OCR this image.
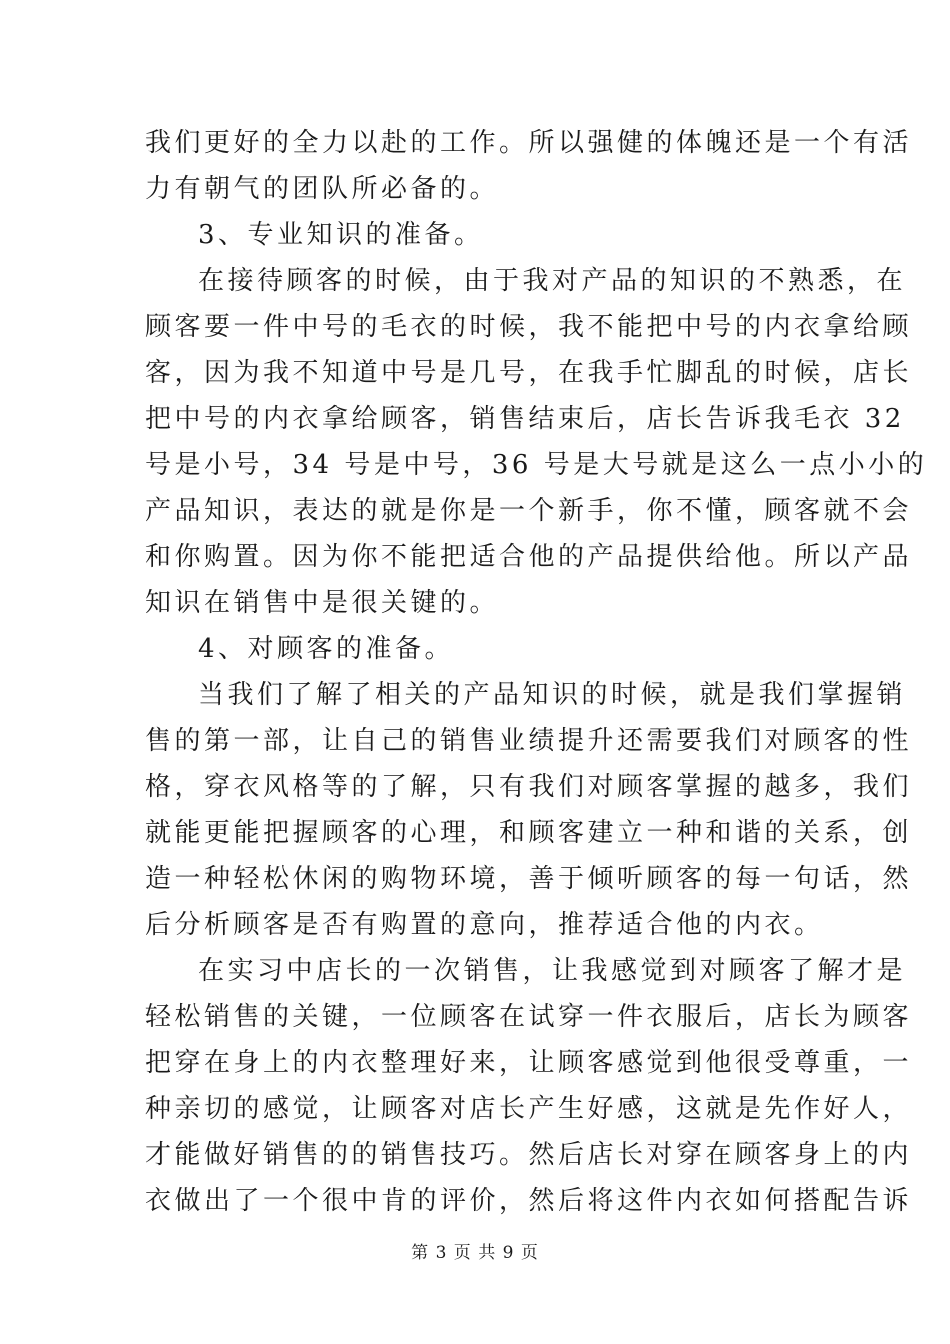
我们更好的全力以赴的工作。所以强健的体魄还是一个有活
力有朝气的团队所必备的。
3、专业知识的准备。
在接待顾客的时候，由于我对产品的知识的不熟悉，在
顾客要一件中号的毛衣的时候，我不能把中号的内衣拿给顾
客，因为我不知道中号是几号，在我手忙脚乱的时候，店长
把中号的内衣拿给顾客，销售结束后，店长告诉我毛衣 32
号是小号，34 号是中号，36 号是大号就是这么一点小小的
产品知识，表达的就是你是一个新手，你不懂，顾客就不会
和你购置。因为你不能把适合他的产品提供给他。所以产品
知识在销售中是很关键的。
4、对顾客的准备。
当我们了解了相关的产品知识的时候，就是我们掌握销
售的第一部，让自己的销售业绩提升还需要我们对顾客的性
格，穿衣风格等的了解，只有我们对顾客掌握的越多，我们
就能更能把握顾客的心理，和顾客建立一种和谐的关系，创
造一种轻松休闲的购物环境，善于倾听顾客的每一句话，然
后分析顾客是否有购置的意向，推荐适合他的内衣。
在实习中店长的一次销售，让我感觉到对顾客了解才是
轻松销售的关键，一位顾客在试穿一件衣服后，店长为顾客
把穿在身上的内衣整理好来，让顾客感觉到他很受尊重，一
种亲切的感觉，让顾客对店长产生好感，这就是先作好人，
才能做好销售的的销售技巧。然后店长对穿在顾客身上的内
衣做出了一个很中肯的评价，然后将这件内衣如何搭配告诉
第 3 页 共 9 页
